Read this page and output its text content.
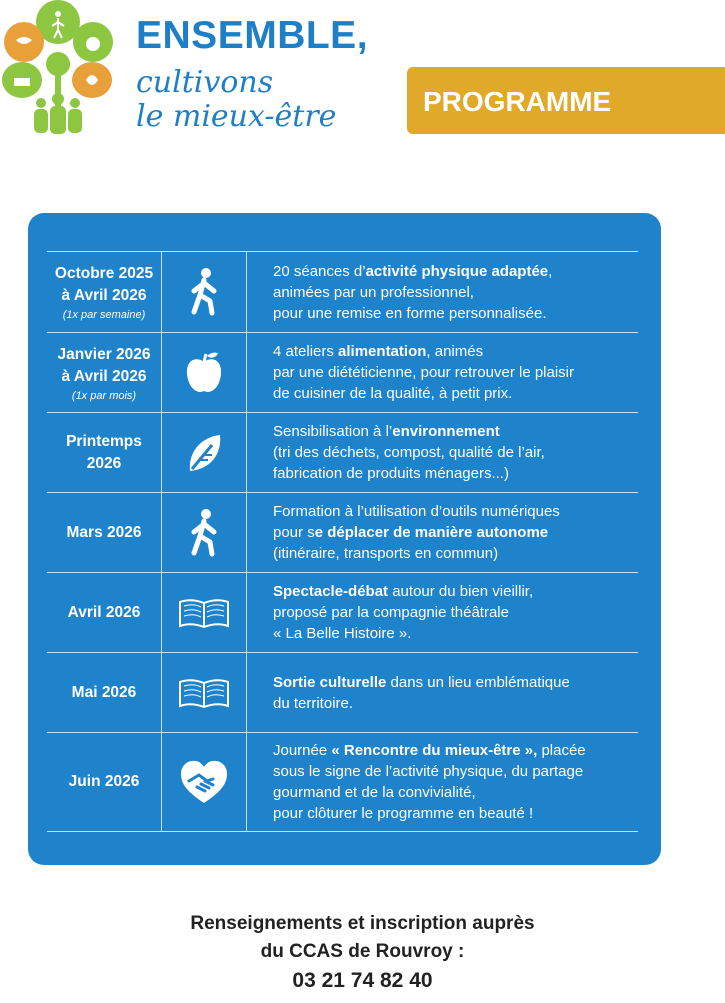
ENSEMBLE,
cultivons
le mieux-être	PROGRAMME
Octobre 2025
à Avril 2026
(1x par semaine)
20 séances d’activité physique adaptée,
animées par un professionnel,
pour une remise en forme personnalisée.
Janvier 2026
à Avril 2026
(1x par mois)
4 ateliers alimentation, animés
par une diététicienne, pour retrouver le plaisir
de cuisiner de la qualité, à petit prix.
Printemps
2026
Sensibilisation à l’environnement
(tri des déchets, compost, qualité de l’air,
fabrication de produits ménagers...)
Mars 2026
Formation à l’utilisation d’outils numériques
pour se déplacer de manière autonome
(itinéraire, transports en commun)
Avril 2026
Spectacle-débat autour du bien vieillir,
proposé par la compagnie théâtrale
« La Belle Histoire ».
Mai 2026
Sortie culturelle dans un lieu emblématique
du territoire.
Juin 2026
Journée « Rencontre du mieux-être », placée
sous le signe de l’activité physique, du partage
gourmand et de la convivialité,
pour clôturer le programme en beauté !
Renseignements et inscription auprès
du CCAS de Rouvroy :
03 21 74 82 40
